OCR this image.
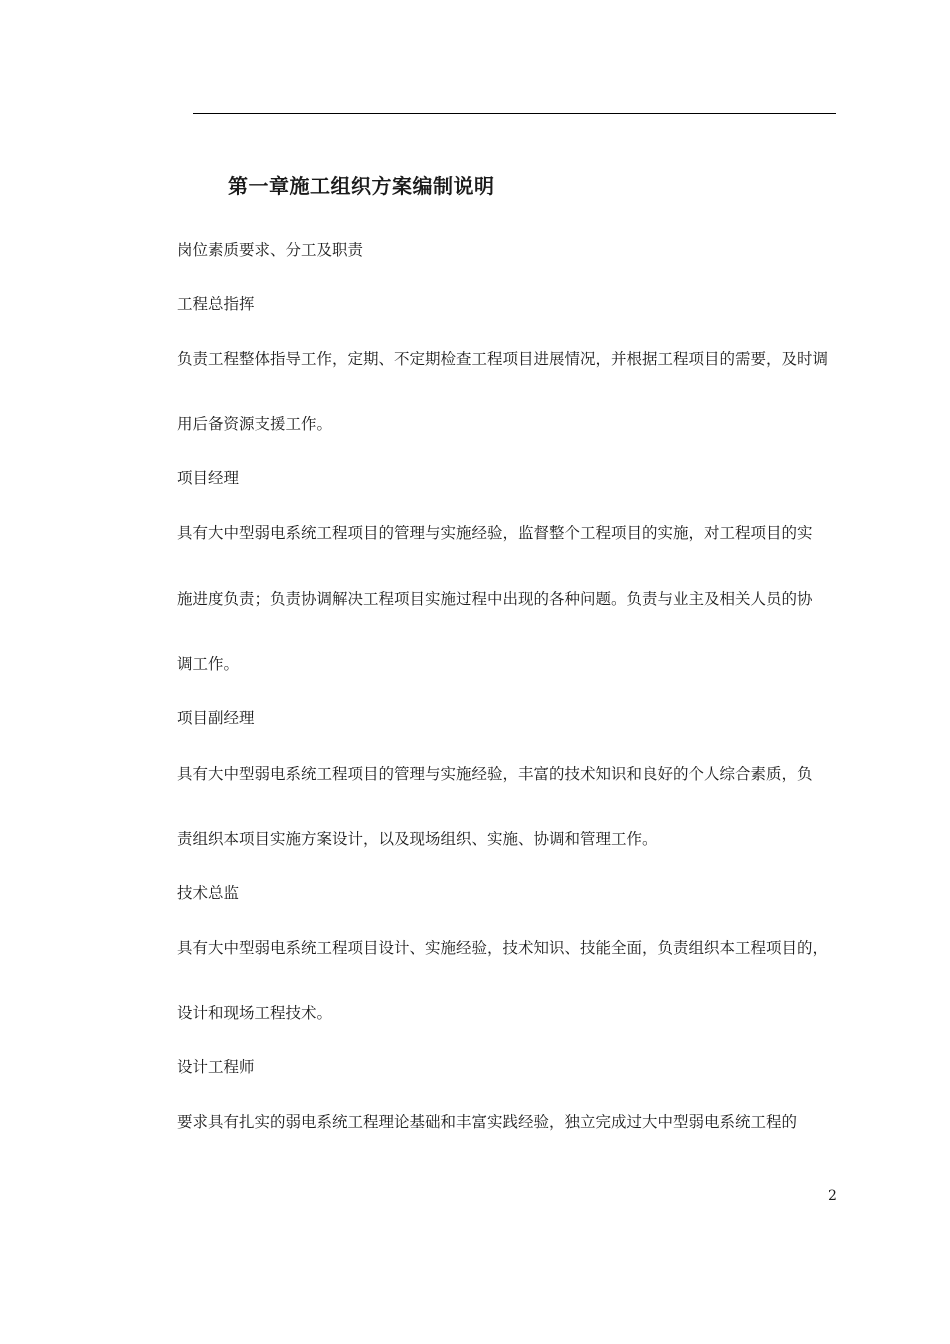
第一章施工组织方案编制说明

岗位素质要求、分工及职责

工程总指挥

负责工程整体指导工作，定期、不定期检查工程项目进展情况，并根据工程项目的需要，及时调

用后备资源支援工作。

项目经理

具有大中型弱电系统工程项目的管理与实施经验，监督整个工程项目的实施，对工程项目的实

施进度负责；负责协调解决工程项目实施过程中出现的各种问题。负责与业主及相关人员的协

调工作。

项目副经理

具有大中型弱电系统工程项目的管理与实施经验，丰富的技术知识和良好的个人综合素质，负

责组织本项目实施方案设计，以及现场组织、实施、协调和管理工作。

技术总监

具有大中型弱电系统工程项目设计、实施经验，技术知识、技能全面，负责组织本工程项目的，

设计和现场工程技术。

设计工程师

要求具有扎实的弱电系统工程理论基础和丰富实践经验，独立完成过大中型弱电系统工程的

2
